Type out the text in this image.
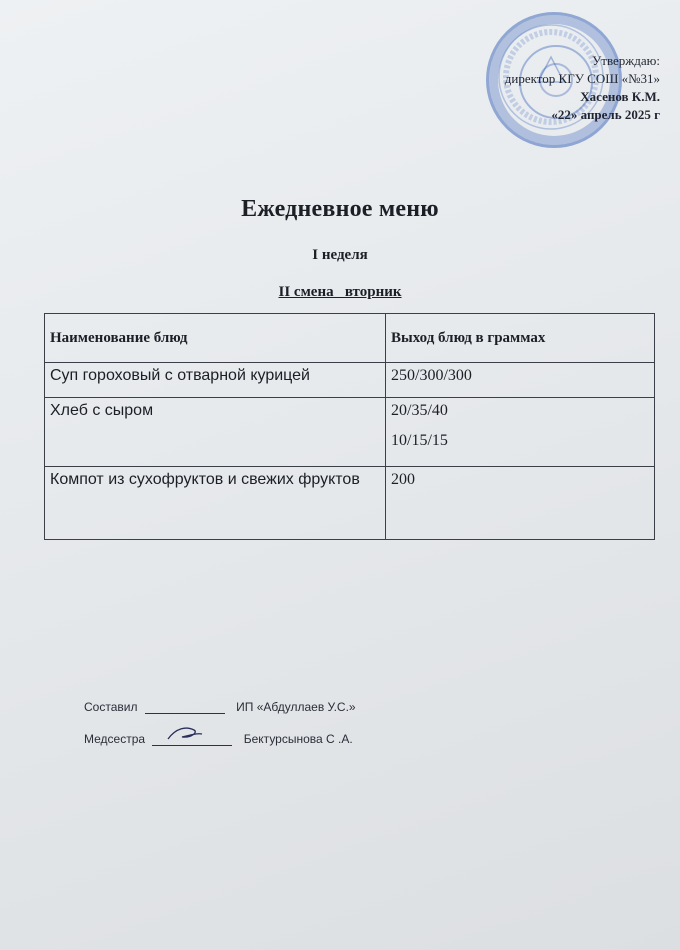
Утверждаю:
директор КГУ СОШ «№31»
Хасенов К.М.
«22» апрель 2025 г
Ежедневное меню
I неделя
II смена   вторник
Наименование блюд	Выход блюд в граммах
Суп гороховый с отварной курицей	250/300/300

Хлеб с сыром	20/35/40
10/15/15

Компот из сухофруктов и свежих фруктов	200
Составил	ИП «Абдуллаев У.С.»
Медсестра	Бектурсынова С .А.
